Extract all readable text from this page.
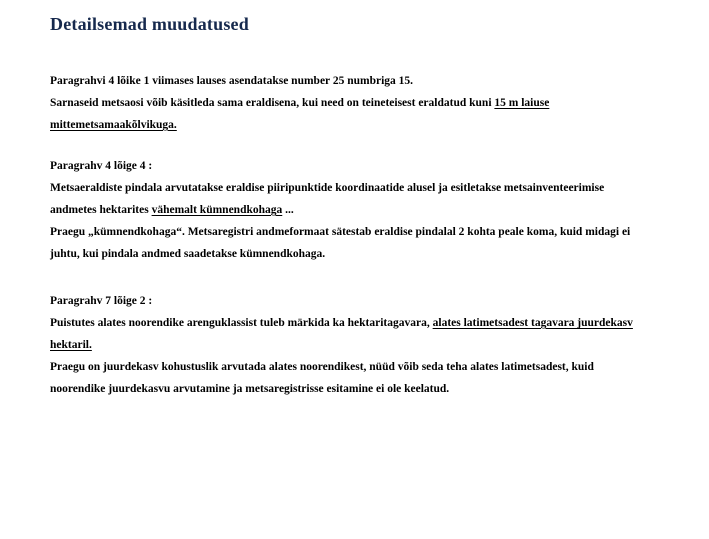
Detailsemad muudatused

Paragrahvi 4 lõike 1 viimases lauses asendatakse number 25 numbriga 15.

Sarnaseid metsaosi võib käsitleda sama eraldisena, kui need on teineteisest eraldatud kuni 15 m laiuse

mittemetsamaakõlvikuga.

Paragrahv 4 lõige 4 :

Metsaeraldiste pindala arvutatakse eraldise piiripunktide koordinaatide alusel ja esitletakse metsainventeerimise

andmetes hektarites vähemalt kümnendkohaga ...

Praegu „kümnendkohaga“. Metsaregistri andmeformaat sätestab eraldise pindalal 2 kohta peale koma, kuid midagi ei

juhtu, kui pindala andmed saadetakse kümnendkohaga.

Paragrahv 7 lõige 2 :

Puistutes alates noorendike arenguklassist tuleb märkida ka hektaritagavara, alates latimetsadest tagavara juurdekasv

hektaril.

Praegu on juurdekasv kohustuslik arvutada alates noorendikest, nüüd võib seda teha alates latimetsadest, kuid

noorendike juurdekasvu arvutamine ja metsaregistrisse esitamine ei ole keelatud.
